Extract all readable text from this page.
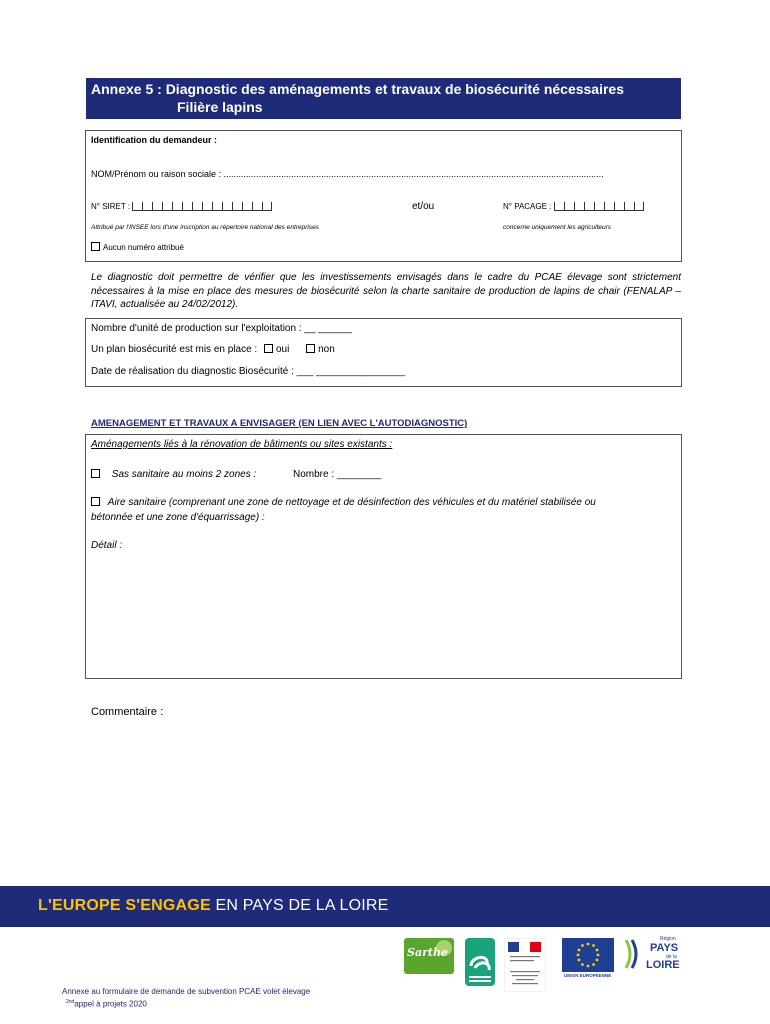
Annexe 5 : Diagnostic des aménagements et travaux de biosécurité nécessaires
Filière lapins
Identification du demandeur :
NOM/Prénom ou raison sociale : ........................................................................................................................................................
N° SIRET :	et/ou	N° PACAGE :
Attribué par l'INSEE lors d'une inscription au répertoire national des entreprises	concerne uniquement les agriculteurs
Aucun numéro attribué
Le diagnostic doit permettre de vérifier que les investissements envisagés dans le cadre du PCAE élevage sont strictement nécessaires à la mise en place des mesures de biosécurité selon la charte sanitaire de production de lapins de chair (FENALAP – ITAVI, actualisée au 24/02/2012).
Nombre d'unité de production sur l'exploitation : __ ______
Un plan biosécurité est mis en place : oui	non
Date de réalisation du diagnostic Biosécurité : ___ ________________
AMENAGEMENT ET TRAVAUX A ENVISAGER (EN LIEN AVEC L'AUTODIAGNOSTIC)
Aménagements liés à la rénovation de bâtiments ou sites existants :
Sas sanitaire au moins 2 zones :	Nombre : ________
Aire sanitaire (comprenant une zone de nettoyage et de désinfection des véhicules et du matériel stabilisée ou
bétonnée et une zone d'équarrissage) :
Détail :
Commentaire :
L'EUROPE S'ENGAGE EN PAYS DE LA LOIRE
Sarthe
UNION EUROPÉENNE
Région
PAYS
de la
LOIRE
Annexe au formulaire de demande de subvention PCAE volet élevage
$^{2nd}$appel à projets 2020
